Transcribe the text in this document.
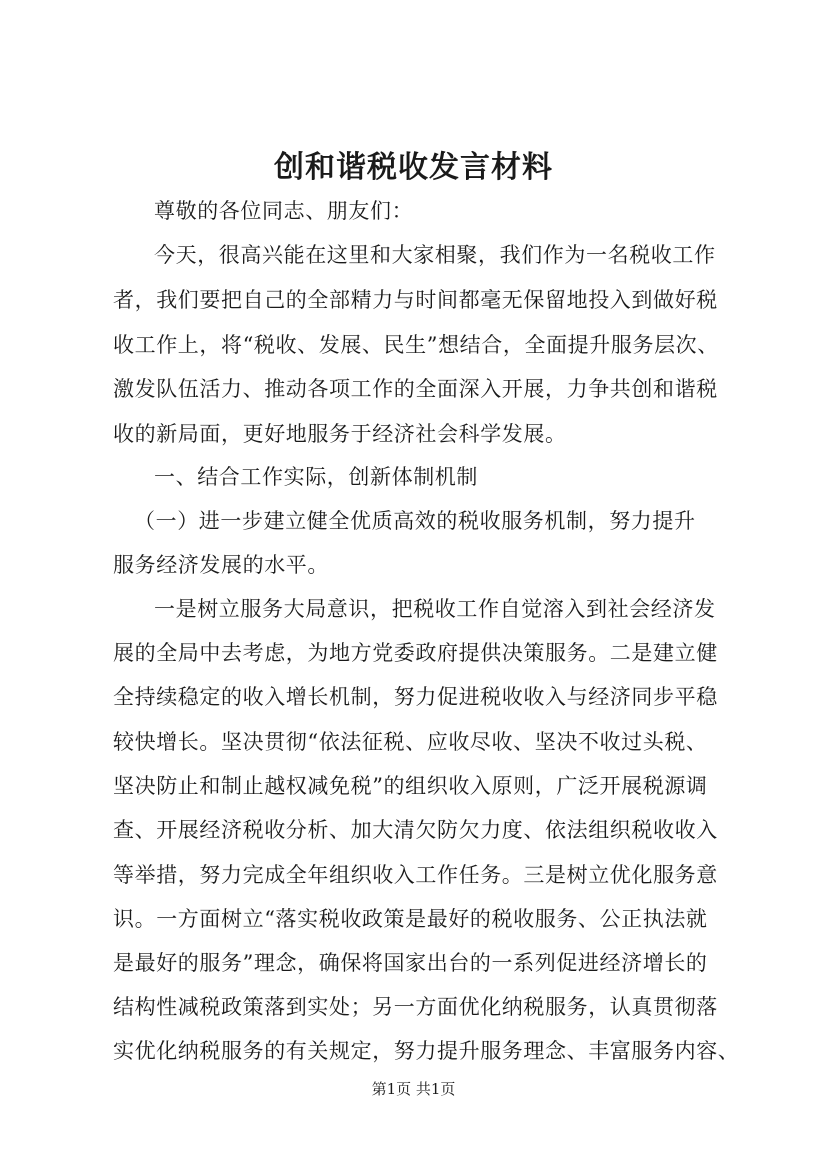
创和谐税收发言材料
尊敬的各位同志、朋友们：
今天，很高兴能在这里和大家相聚，我们作为一名税收工作
者，我们要把自己的全部精力与时间都毫无保留地投入到做好税
收工作上，将“税收、发展、民生”想结合，全面提升服务层次、
激发队伍活力、推动各项工作的全面深入开展，力争共创和谐税
收的新局面，更好地服务于经济社会科学发展。
一、结合工作实际，创新体制机制
（一）进一步建立健全优质高效的税收服务机制，努力提升
服务经济发展的水平。
一是树立服务大局意识，把税收工作自觉溶入到社会经济发
展的全局中去考虑，为地方党委政府提供决策服务。二是建立健
全持续稳定的收入增长机制，努力促进税收收入与经济同步平稳
较快增长。坚决贯彻“依法征税、应收尽收、坚决不收过头税、
坚决防止和制止越权减免税”的组织收入原则，广泛开展税源调
查、开展经济税收分析、加大清欠防欠力度、依法组织税收收入
等举措，努力完成全年组织收入工作任务。三是树立优化服务意
识。一方面树立“落实税收政策是最好的税收服务、公正执法就
是最好的服务”理念，确保将国家出台的一系列促进经济增长的
结构性减税政策落到实处；另一方面优化纳税服务，认真贯彻落
实优化纳税服务的有关规定，努力提升服务理念、丰富服务内容、
第1页 共1页
